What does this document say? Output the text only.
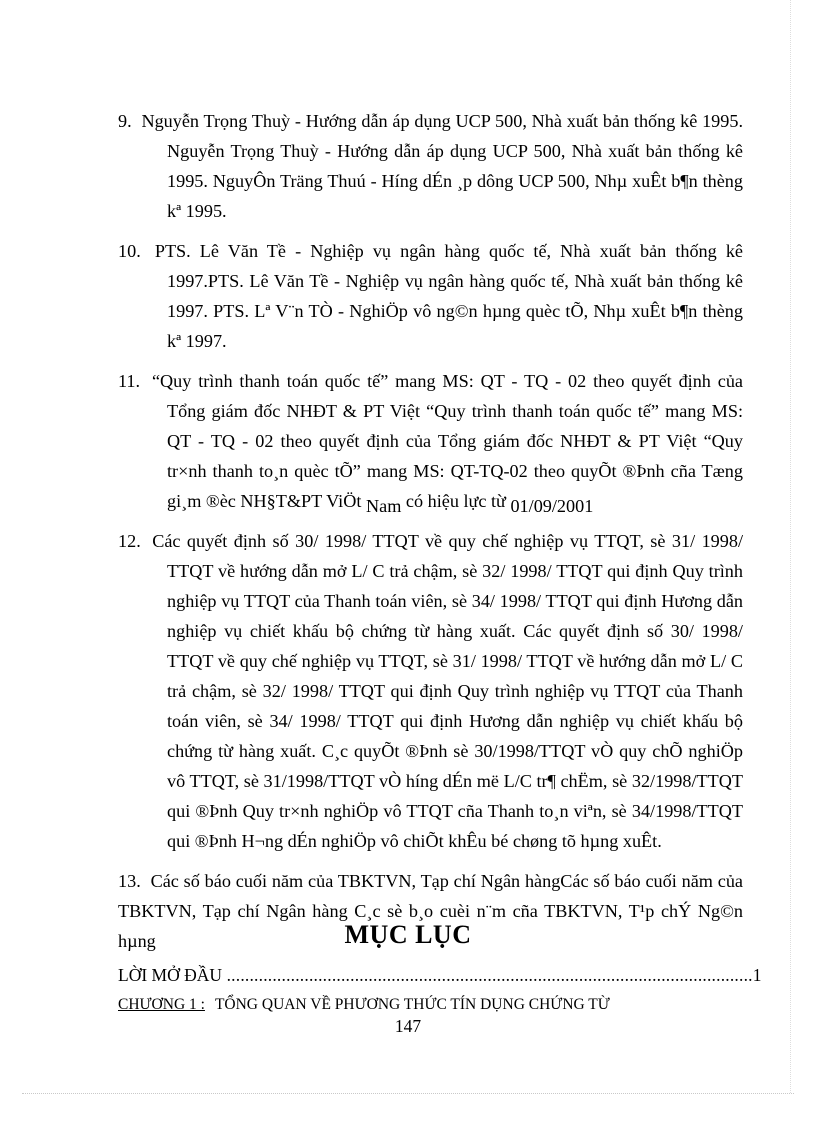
9. Nguyễn Trọng Thuỳ - Hướng dẫn áp dụng UCP 500, Nhà xuất bản thống kê 1995. Nguyễn Trọng Thuỳ - Hướng dẫn áp dụng UCP 500, Nhà xuất bản thống kê 1995. NguyÔn Träng Thuú - Híng dÉn ¸p dông UCP 500, Nhµ xuÊt b¶n thèng kª 1995.

10. PTS. Lê Văn Tề - Nghiệp vụ ngân hàng quốc tế, Nhà xuất bản thống kê 1997.PTS. Lê Văn Tề - Nghiệp vụ ngân hàng quốc tế, Nhà xuất bản thống kê 1997. PTS. Lª V¨n TÒ - NghiÖp vô ng©n hµng quèc tÕ, Nhµ xuÊt b¶n thèng kª 1997.

11. “Quy trình thanh toán quốc tế” mang MS: QT - TQ - 02 theo quyết định của Tổng giám đốc NHĐT & PT Việt “Quy trình thanh toán quốc tế” mang MS: QT - TQ - 02 theo quyết định của Tổng giám đốc NHĐT & PT Việt “Quy tr×nh thanh to¸n quèc tÕ” mang MS: QT-TQ-02 theo quyÕt ®Þnh cña Tæng gi¸m ®èc NH§T&PT ViÖt Nam có hiệu lực từ 01/09/2001

12. Các quyết định số 30/ 1998/ TTQT về quy chế nghiệp vụ TTQT, sè 31/ 1998/ TTQT về hướng dẫn mở L/ C trả chậm, sè 32/ 1998/ TTQT qui định Quy trình nghiệp vụ TTQT của Thanh toán viên, sè 34/ 1998/ TTQT qui định Hương dẫn nghiệp vụ chiết khấu bộ chứng từ hàng xuất. Các quyết định số 30/ 1998/ TTQT về quy chế nghiệp vụ TTQT, sè 31/ 1998/ TTQT về hướng dẫn mở L/ C trả chậm, sè 32/ 1998/ TTQT qui định Quy trình nghiệp vụ TTQT của Thanh toán viên, sè 34/ 1998/ TTQT qui định Hương dẫn nghiệp vụ chiết khấu bộ chứng từ hàng xuất. C¸c quyÕt ®Þnh sè 30/1998/TTQT vÒ quy chÕ nghiÖp vô TTQT, sè 31/1998/TTQT vÒ híng dÉn më L/C tr¶ chËm, sè 32/1998/TTQT qui ®Þnh Quy tr×nh nghiÖp vô TTQT cña Thanh to¸n viªn, sè 34/1998/TTQT qui ®Þnh H¬ng dÉn nghiÖp vô chiÕt khÊu bé chøng tõ hµng xuÊt.

13. Các số báo cuối năm của TBKTVN, Tạp chí Ngân hàngCác số báo cuối năm của TBKTVN, Tạp chí Ngân hàng C¸c sè b¸o cuèi n¨m cña TBKTVN, T¹p chÝ Ng©n hµng	MỤC LỤC
LỜI MỞ ĐẦU ...................................................................................................................1
CHƯƠNG 1 : TỔNG QUAN VỀ PHƯƠNG THỨC TÍN DỤNG CHỨNG TỪ
147
